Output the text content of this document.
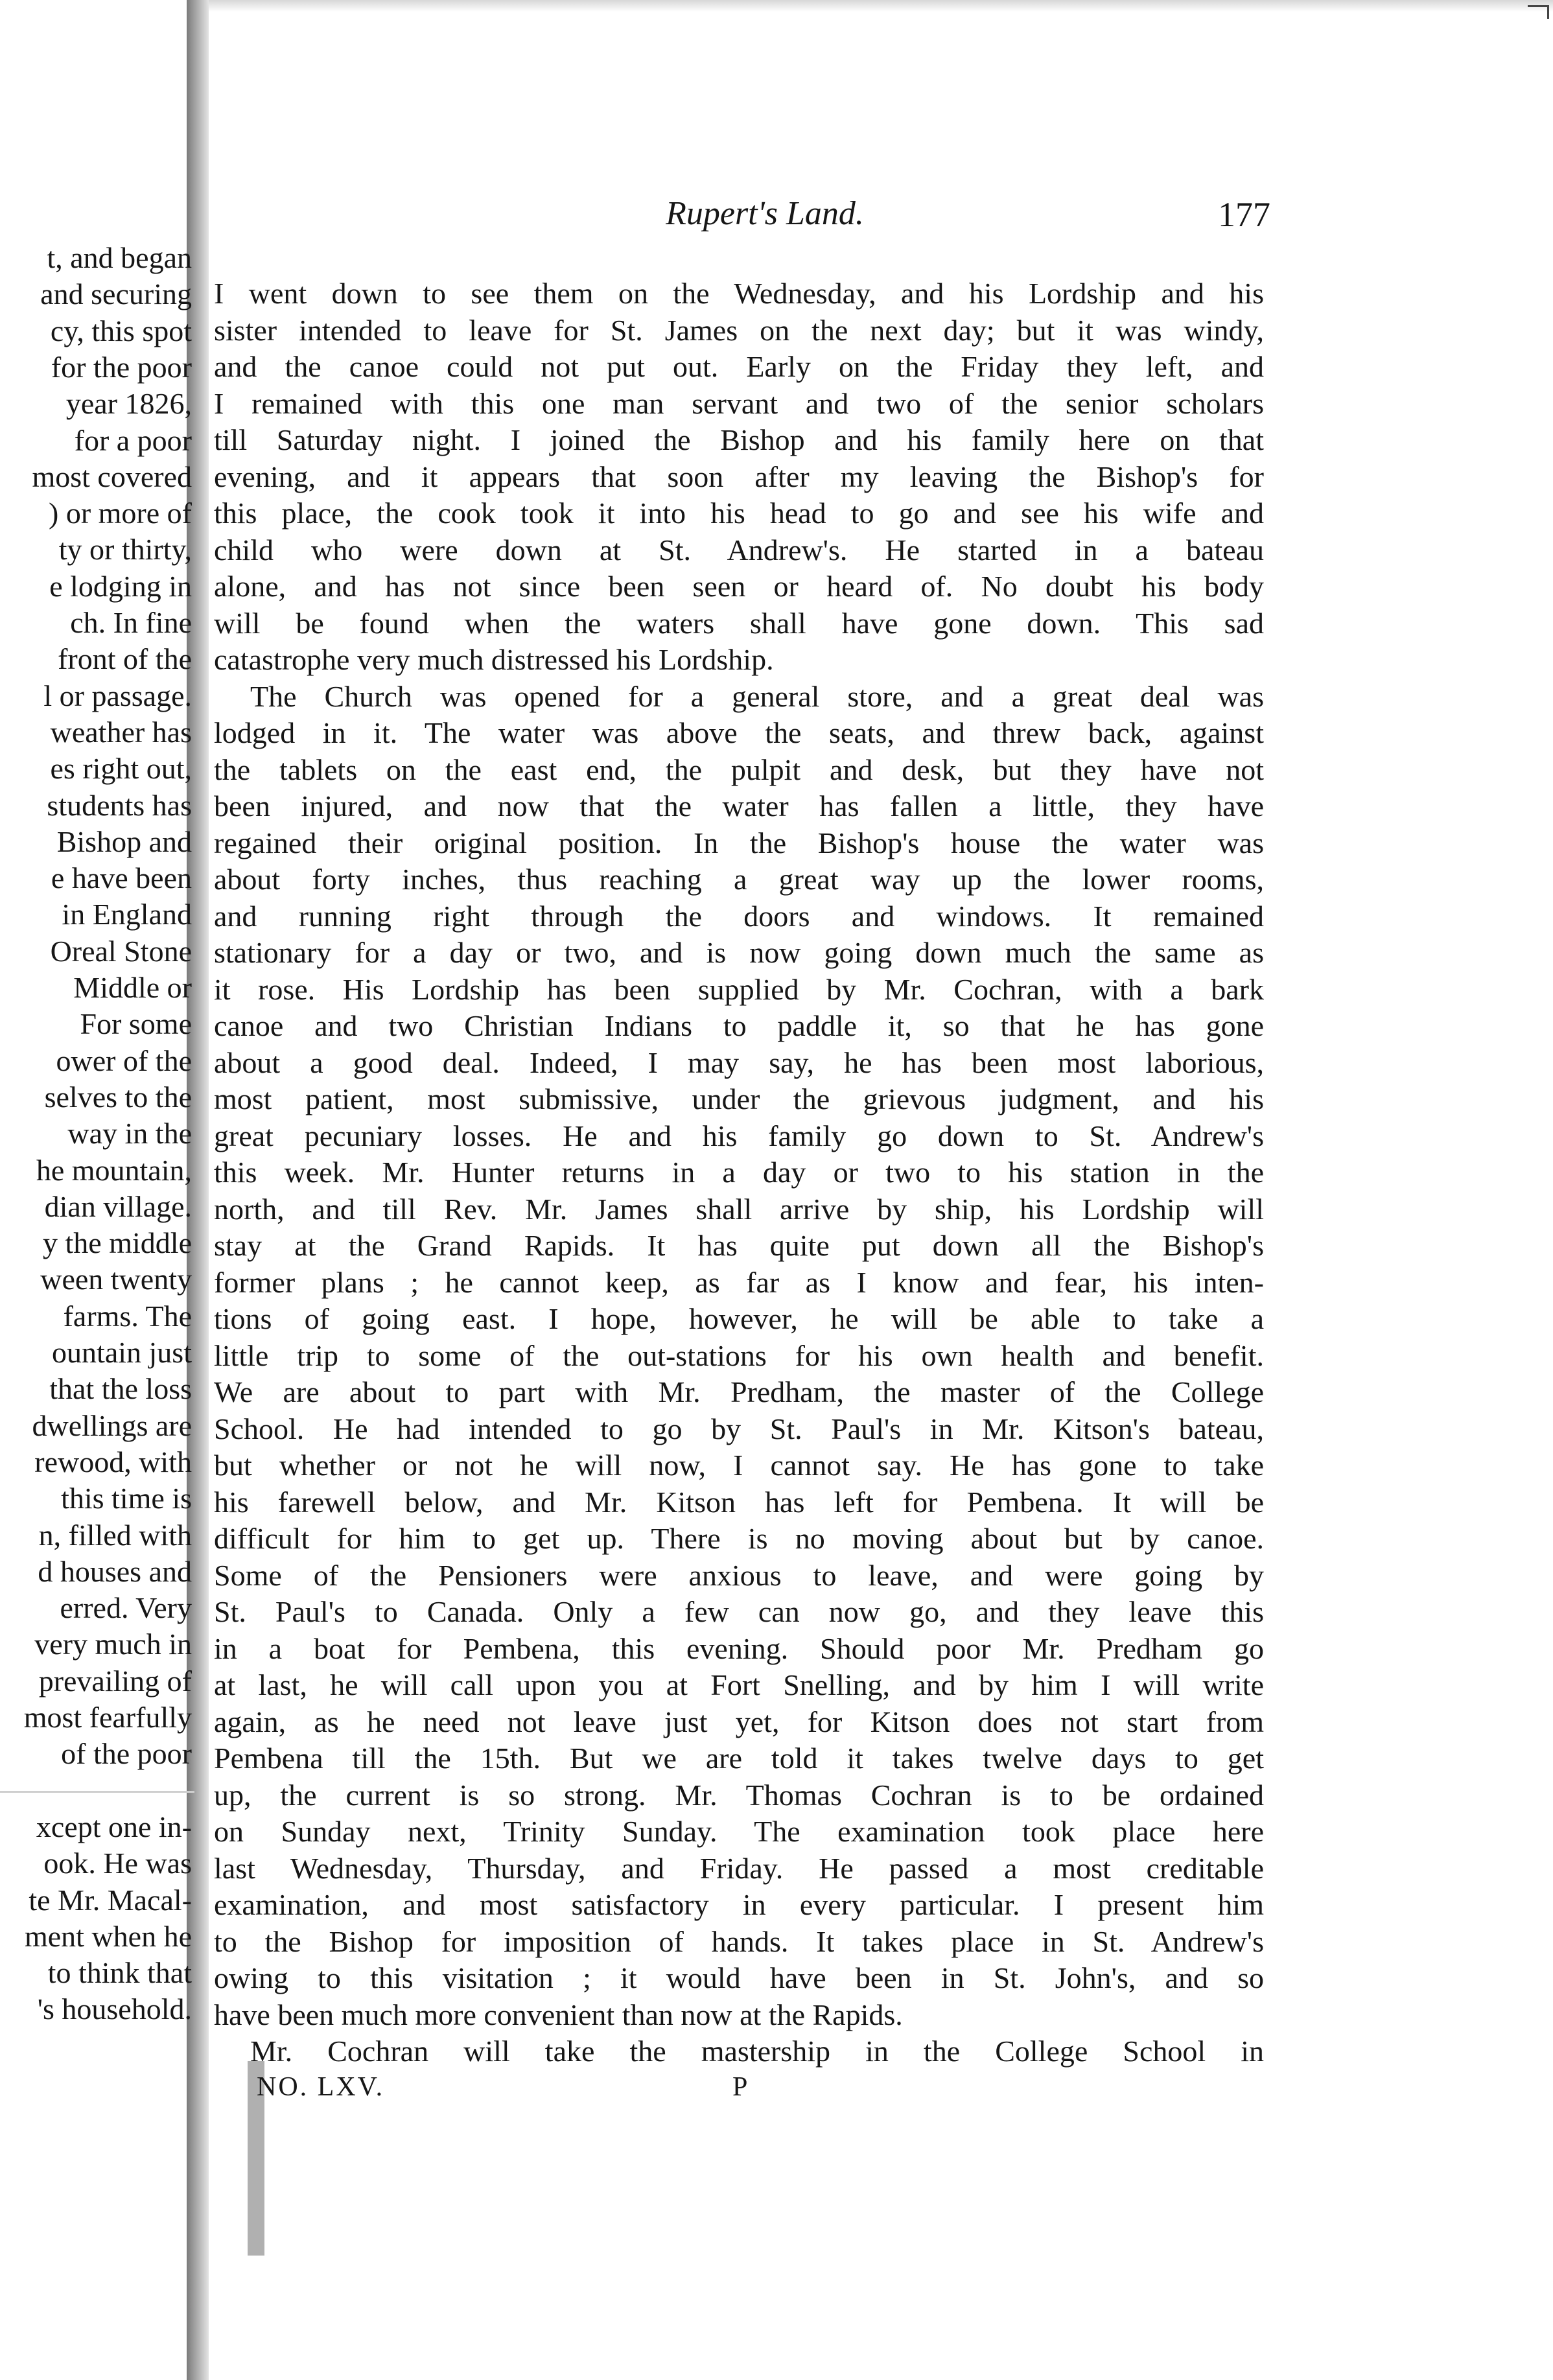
t, and began
and securing
cy, this spot
for the poor
year 1826,
for a poor
most covered
) or more of
ty or thirty,
e lodging in
ch. In fine
front of the
l or passage.
weather has
es right out,
students has
Bishop and
e have been
in England
Oreal Stone
Middle or
For some
ower of the
selves to the
way in the
he mountain,
dian village.
y the middle
ween twenty
farms. The
ountain just
that the loss
dwellings are
rewood, with
this time is
n, filled with
d houses and
erred. Very
very much in
prevailing of
most fearfully
of the poor
xcept one in-
ook. He was
te Mr. Macal-
ment when he
to think that
's household.
Rupert's Land.	177
I went down to see them on the Wednesday, and his Lordship and his
sister intended to leave for St. James on the next day; but it was windy,
and the canoe could not put out. Early on the Friday they left, and
I remained with this one man servant and two of the senior scholars
till Saturday night. I joined the Bishop and his family here on that
evening, and it appears that soon after my leaving the Bishop's for
this place, the cook took it into his head to go and see his wife and
child who were down at St. Andrew's. He started in a bateau
alone, and has not since been seen or heard of. No doubt his body
will be found when the waters shall have gone down. This sad
catastrophe very much distressed his Lordship.
The Church was opened for a general store, and a great deal was
lodged in it. The water was above the seats, and threw back, against
the tablets on the east end, the pulpit and desk, but they have not
been injured, and now that the water has fallen a little, they have
regained their original position. In the Bishop's house the water was
about forty inches, thus reaching a great way up the lower rooms,
and running right through the doors and windows. It remained
stationary for a day or two, and is now going down much the same as
it rose. His Lordship has been supplied by Mr. Cochran, with a bark
canoe and two Christian Indians to paddle it, so that he has gone
about a good deal. Indeed, I may say, he has been most laborious,
most patient, most submissive, under the grievous judgment, and his
great pecuniary losses. He and his family go down to St. Andrew's
this week. Mr. Hunter returns in a day or two to his station in the
north, and till Rev. Mr. James shall arrive by ship, his Lordship will
stay at the Grand Rapids. It has quite put down all the Bishop's
former plans ; he cannot keep, as far as I know and fear, his inten-
tions of going east. I hope, however, he will be able to take a
little trip to some of the out-stations for his own health and benefit.
We are about to part with Mr. Predham, the master of the College
School. He had intended to go by St. Paul's in Mr. Kitson's bateau,
but whether or not he will now, I cannot say. He has gone to take
his farewell below, and Mr. Kitson has left for Pembena. It will be
difficult for him to get up. There is no moving about but by canoe.
Some of the Pensioners were anxious to leave, and were going by
St. Paul's to Canada. Only a few can now go, and they leave this
in a boat for Pembena, this evening. Should poor Mr. Predham go
at last, he will call upon you at Fort Snelling, and by him I will write
again, as he need not leave just yet, for Kitson does not start from
Pembena till the 15th. But we are told it takes twelve days to get
up, the current is so strong. Mr. Thomas Cochran is to be ordained
on Sunday next, Trinity Sunday. The examination took place here
last Wednesday, Thursday, and Friday. He passed a most creditable
examination, and most satisfactory in every particular. I present him
to the Bishop for imposition of hands. It takes place in St. Andrew's
owing to this visitation ; it would have been in St. John's, and so
have been much more convenient than now at the Rapids.
Mr. Cochran will take the mastership in the College School in
NO. LXV.	P
